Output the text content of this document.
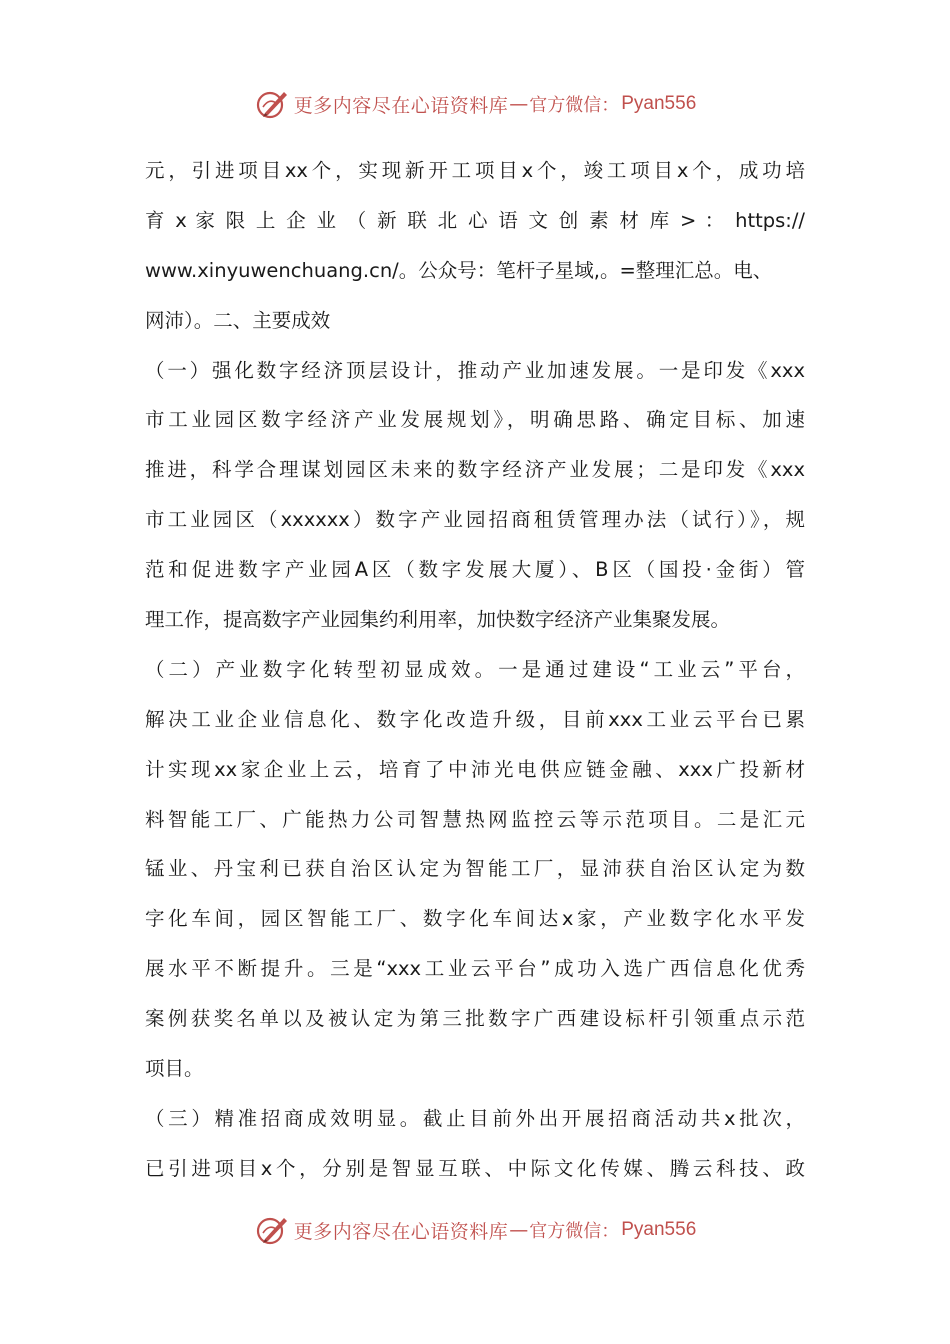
更多内容尽在心语资料库 — 官方微信： Pyan556
元，引进项目xx个，实现新开工项目x个，竣工项目x个，成功培
育 x 家 限 上 企 业 （ 新 联 北 心 语 文 创 素 材 库 > ： https://
www.xinyuwenchuang.cn/。公众号：笔杆子星域,。=整理汇总。电、
网沛）。二、主要成效
（一）强化数字经济顶层设计，推动产业加速发展。一是印发《xxx
市工业园区数字经济产业发展规划》，明确思路、确定目标、加速
推进，科学合理谋划园区未来的数字经济产业发展；二是印发《xxx
市工业园区（xxxxxx）数字产业园招商租赁管理办法（试行）》，规
范和促进数字产业园A区（数字发展大厦）、B区（国投·金街）管
理工作，提高数字产业园集约利用率，加快数字经济产业集聚发展。
（二）产业数字化转型初显成效。一是通过建设“工业云”平台，
解决工业企业信息化、数字化改造升级，目前xxx工业云平台已累
计实现xx家企业上云，培育了中沛光电供应链金融、xxx广投新材
料智能工厂、广能热力公司智慧热网监控云等示范项目。二是汇元
锰业、丹宝利已获自治区认定为智能工厂，显沛获自治区认定为数
字化车间，园区智能工厂、数字化车间达x家，产业数字化水平发
展水平不断提升。三是“xxx工业云平台”成功入选广西信息化优秀
案例获奖名单以及被认定为第三批数字广西建设标杆引领重点示范
项目。
（三）精准招商成效明显。截止目前外出开展招商活动共x批次，
已引进项目x个，分别是智显互联、中际文化传媒、腾云科技、政
更多内容尽在心语资料库 — 官方微信： Pyan556
